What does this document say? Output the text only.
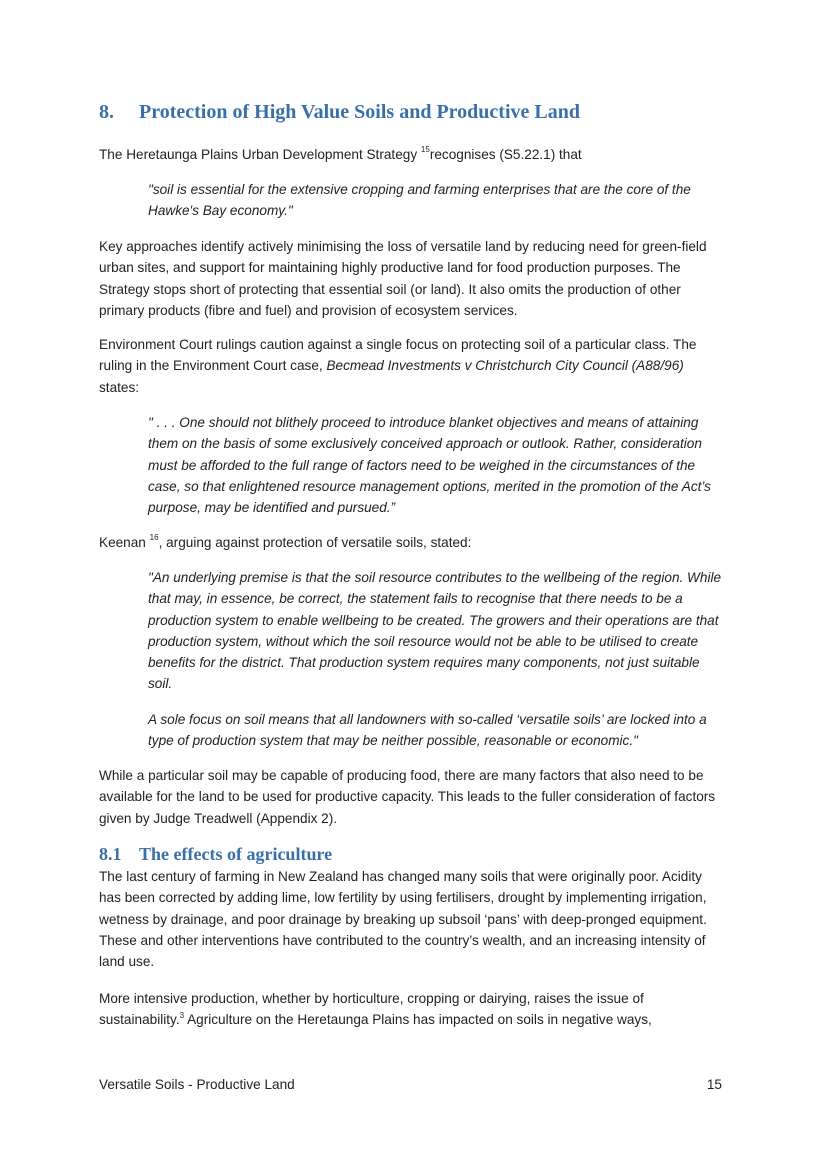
8. Protection of High Value Soils and Productive Land

The Heretaunga Plains Urban Development Strategy $^{15}$recognises (S5.22.1) that

"soil is essential for the extensive cropping and farming enterprises that are the core of the Hawke's Bay economy."

Key approaches identify actively minimising the loss of versatile land by reducing need for green-field urban sites, and support for maintaining highly productive land for food production purposes. The Strategy stops short of protecting that essential soil (or land). It also omits the production of other primary products (fibre and fuel) and provision of ecosystem services.

Environment Court rulings caution against a single focus on protecting soil of a particular class. The ruling in the Environment Court case, Becmead Investments v Christchurch City Council (A88/96) states:

" . . . One should not blithely proceed to introduce blanket objectives and means of attaining them on the basis of some exclusively conceived approach or outlook. Rather, consideration must be afforded to the full range of factors need to be weighed in the circumstances of the case, so that enlightened resource management options, merited in the promotion of the Act’s purpose, may be identified and pursued.”

Keenan $^{16}$, arguing against protection of versatile soils, stated:

"An underlying premise is that the soil resource contributes to the wellbeing of the region. While that may, in essence, be correct, the statement fails to recognise that there needs to be a production system to enable wellbeing to be created. The growers and their operations are that production system, without which the soil resource would not be able to be utilised to create benefits for the district. That production system requires many components, not just suitable soil.

A sole focus on soil means that all landowners with so-called ‘versatile soils’ are locked into a type of production system that may be neither possible, reasonable or economic."

While a particular soil may be capable of producing food, there are many factors that also need to be available for the land to be used for productive capacity. This leads to the fuller consideration of factors given by Judge Treadwell (Appendix 2).

8.1 The effects of agriculture

The last century of farming in New Zealand has changed many soils that were originally poor. Acidity has been corrected by adding lime, low fertility by using fertilisers, drought by implementing irrigation, wetness by drainage, and poor drainage by breaking up subsoil ‘pans’ with deep-pronged equipment. These and other interventions have contributed to the country’s wealth, and an increasing intensity of land use.

More intensive production, whether by horticulture, cropping or dairying, raises the issue of sustainability.$^3$ Agriculture on the Heretaunga Plains has impacted on soils in negative ways,

Versatile Soils - Productive Land	15
